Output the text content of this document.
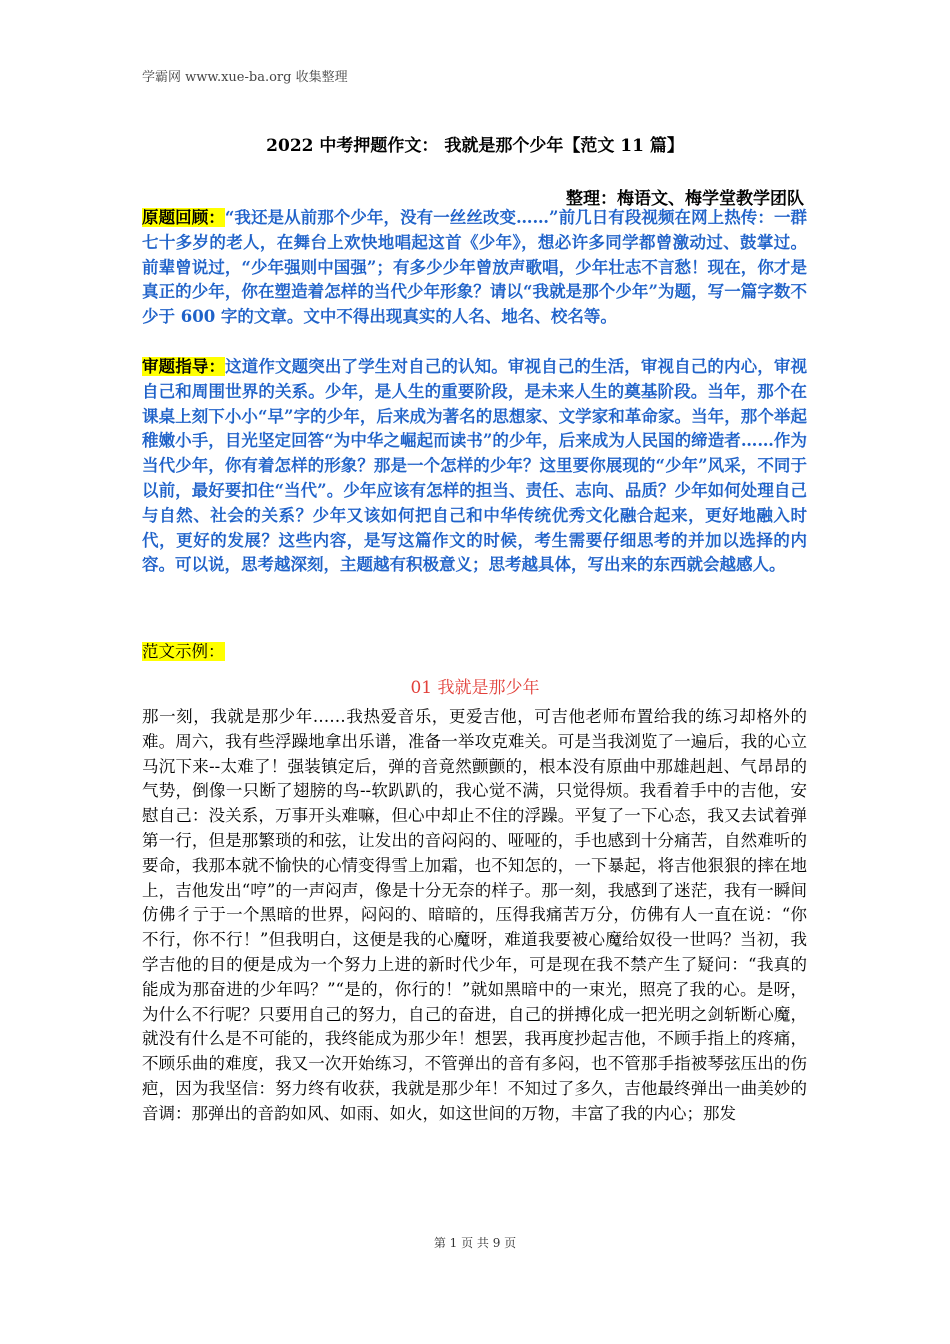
学霸网 www.xue-ba.org 收集整理
2022 中考押题作文： 我就是那个少年【范文 11 篇】
整理：梅语文、梅学堂教学团队
原题回顾：“我还是从前那个少年，没有一丝丝改变……”前几日有段视频在网上热传：一群七十多岁的老人，在舞台上欢快地唱起这首《少年》，想必许多同学都曾激动过、鼓掌过。前辈曾说过，“少年强则中国强”；有多少少年曾放声歌唱，少年壮志不言愁！现在，你才是真正的少年，你在塑造着怎样的当代少年形象？请以“我就是那个少年”为题，写一篇字数不少于 600 字的文章。文中不得出现真实的人名、地名、校名等。
审题指导：这道作文题突出了学生对自己的认知。审视自己的生活，审视自己的内心，审视自己和周围世界的关系。少年，是人生的重要阶段，是未来人生的奠基阶段。当年，那个在课桌上刻下小小“早”字的少年，后来成为著名的思想家、文学家和革命家。当年，那个举起稚嫩小手，目光坚定回答“为中华之崛起而读书”的少年，后来成为人民国的缔造者……作为当代少年，你有着怎样的形象？那是一个怎样的少年？这里要你展现的“少年”风采，不同于以前，最好要扣住“当代”。少年应该有怎样的担当、责任、志向、品质？少年如何处理自己与自然、社会的关系？少年又该如何把自己和中华传统优秀文化融合起来，更好地融入时代，更好的发展？这些内容，是写这篇作文的时候，考生需要仔细思考的并加以选择的内容。可以说，思考越深刻，主题越有积极意义；思考越具体，写出来的东西就会越感人。
范文示例：
01 我就是那少年
那一刻，我就是那少年……我热爱音乐，更爱吉他，可吉他老师布置给我的练习却格外的难。周六，我有些浮躁地拿出乐谱，准备一举攻克难关。可是当我浏览了一遍后，我的心立马沉下来--太难了！强装镇定后，弹的音竟然颤颤的，根本没有原曲中那雄赳赳、气昂昂的气势，倒像一只断了翅膀的鸟--软趴趴的，我心觉不满，只觉得烦。我看着手中的吉他，安慰自己：没关系，万事开头难嘛，但心中却止不住的浮躁。平复了一下心态，我又去试着弹第一行，但是那繁琐的和弦，让发出的音闷闷的、哑哑的，手也感到十分痛苦，自然难听的要命，我那本就不愉快的心情变得雪上加霜，也不知怎的，一下暴起，将吉他狠狠的摔在地上，吉他发出“哼”的一声闷声，像是十分无奈的样子。那一刻，我感到了迷茫，我有一瞬间仿佛彳亍于一个黑暗的世界，闷闷的、暗暗的，压得我痛苦万分，仿佛有人一直在说：“你不行，你不行！”但我明白，这便是我的心魔呀，难道我要被心魔给奴役一世吗？当初，我学吉他的目的便是成为一个努力上进的新时代少年，可是现在我不禁产生了疑问：“我真的能成为那奋进的少年吗？”“是的，你行的！”就如黑暗中的一束光，照亮了我的心。是呀，为什么不行呢？只要用自己的努力，自己的奋进，自己的拼搏化成一把光明之剑斩断心魔，就没有什么是不可能的，我终能成为那少年！想罢，我再度抄起吉他，不顾手指上的疼痛，不顾乐曲的难度，我又一次开始练习，不管弹出的音有多闷，也不管那手指被琴弦压出的伤疤，因为我坚信：努力终有收获，我就是那少年！不知过了多久，吉他最终弹出一曲美妙的音调：那弹出的音韵如风、如雨、如火，如这世间的万物，丰富了我的内心；那发
第 1 页 共 9 页
